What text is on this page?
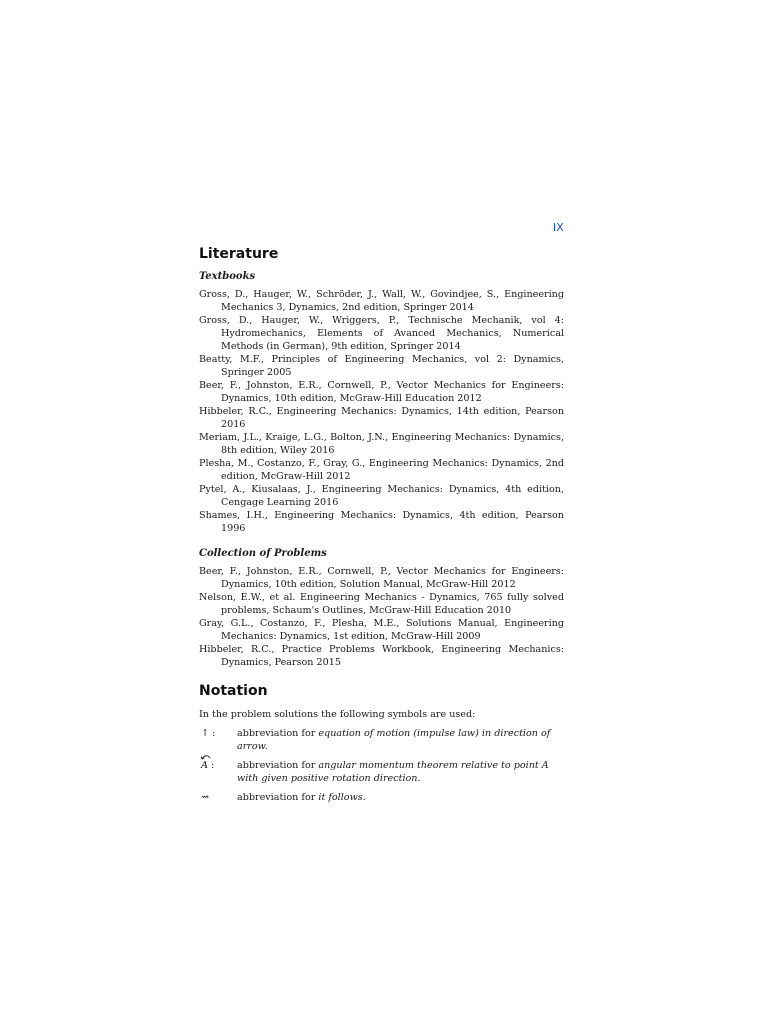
IX
Literature
Textbooks

Gross, D., Hauger, W., Schröder, J., Wall, W., Govindjee, S., Engineering Mechanics 3, Dynamics, 2nd edition, Springer 2014

Gross, D., Hauger, W., Wriggers, P., Technische Mechanik, vol 4: Hydromechanics, Elements of Avanced Mechanics, Numerical Methods (in German), 9th edition, Springer 2014

Beatty, M.F., Principles of Engineering Mechanics, vol 2: Dynamics, Springer 2005

Beer, F., Johnston, E.R., Cornwell, P., Vector Mechanics for Engineers: Dynamics, 10th edition, McGraw-Hill Education 2012

Hibbeler, R.C., Engineering Mechanics: Dynamics, 14th edition, Pearson 2016

Meriam, J.L., Kraige, L.G., Bolton, J.N., Engineering Mechanics: Dynamics, 8th edition, Wiley 2016

Plesha, M., Costanzo, F., Gray, G., Engineering Mechanics: Dynamics, 2nd edition, McGraw-Hill 2012

Pytel, A., Kiusalaas, J., Engineering Mechanics: Dynamics, 4th edition, Cengage Learning 2016

Shames, I.H., Engineering Mechanics: Dynamics, 4th edition, Pearson 1996

Collection of Problems

Beer, F., Johnston, E.R., Cornwell, P., Vector Mechanics for Engineers: Dynamics, 10th edition, Solution Manual, McGraw-Hill 2012

Nelson, E.W., et al. Engineering Mechanics - Dynamics, 765 fully solved problems, Schaum's Outlines, McGraw-Hill Education 2010

Gray, G.L., Costanzo, F., Plesha, M.E., Solutions Manual, Engineering Mechanics: Dynamics, 1st edition, McGraw-Hill 2009

Hibbeler, R.C., Practice Problems Workbook, Engineering Mechanics: Dynamics, Pearson 2015

Notation

In the problem solutions the following symbols are used:

↑ :	abbreviation for equation of motion (impulse law) in direction of arrow.
A :	abbreviation for angular momentum theorem relative to point A with given positive rotation direction.
⇝	abbreviation for it follows.
